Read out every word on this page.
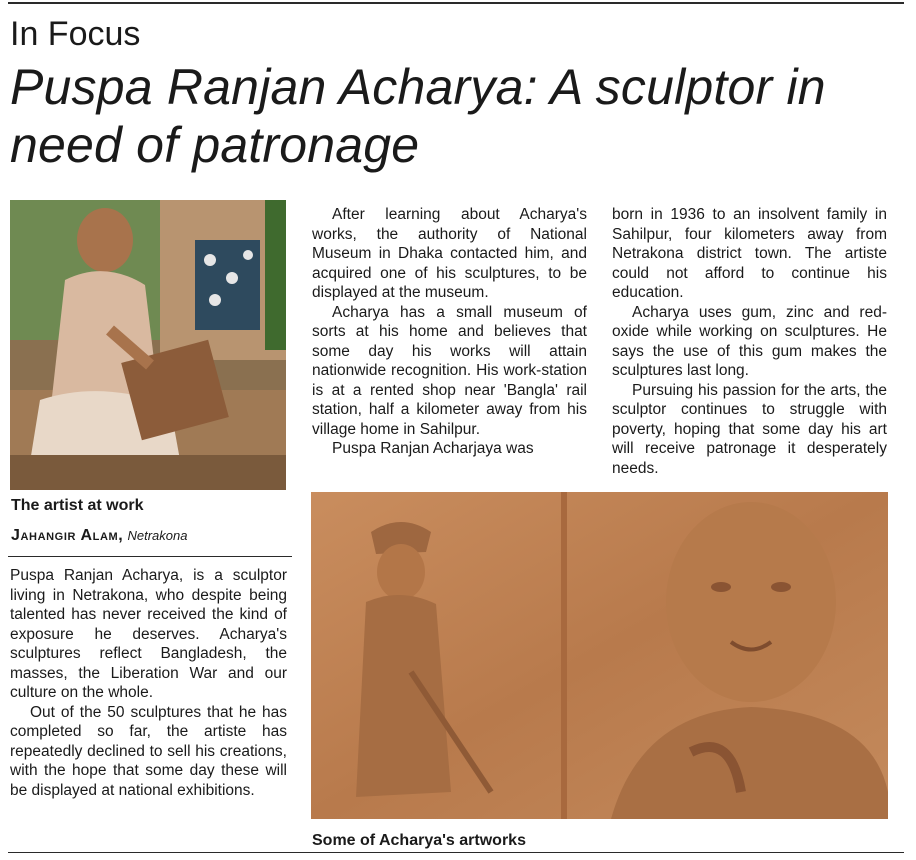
In Focus
Puspa Ranjan Acharya: A sculptor in need of patronage
The artist at work
Jahangir Alam, Netrakona

Puspa Ranjan Acharya, is a sculptor living in Netrakona, who despite being talented has never received the kind of exposure he deserves. Acharya's sculptures reflect Bangladesh, the masses, the Liberation War and our culture on the whole.

Out of the 50 sculptures that he has completed so far, the artiste has repeatedly declined to sell his creations, with the hope that some day these will be displayed at national exhibitions.

After learning about Acharya's works, the authority of National Museum in Dhaka contacted him, and acquired one of his sculptures, to be displayed at the museum.

Acharya has a small museum of sorts at his home and believes that some day his works will attain nationwide recognition. His work-station is at a rented shop near 'Bangla' rail station, half a kilometer away from his village home in Sahilpur.

Puspa Ranjan Acharjaya was

born in 1936 to an insolvent family in Sahilpur, four kilometers away from Netrakona district town. The artiste could not afford to continue his education.

Acharya uses gum, zinc and red-oxide while working on sculptures. He says the use of this gum makes the sculptures last long.

Pursuing his passion for the arts, the sculptor continues to struggle with poverty, hoping that some day his art will receive patronage it desperately needs.

Some of Acharya's artworks
